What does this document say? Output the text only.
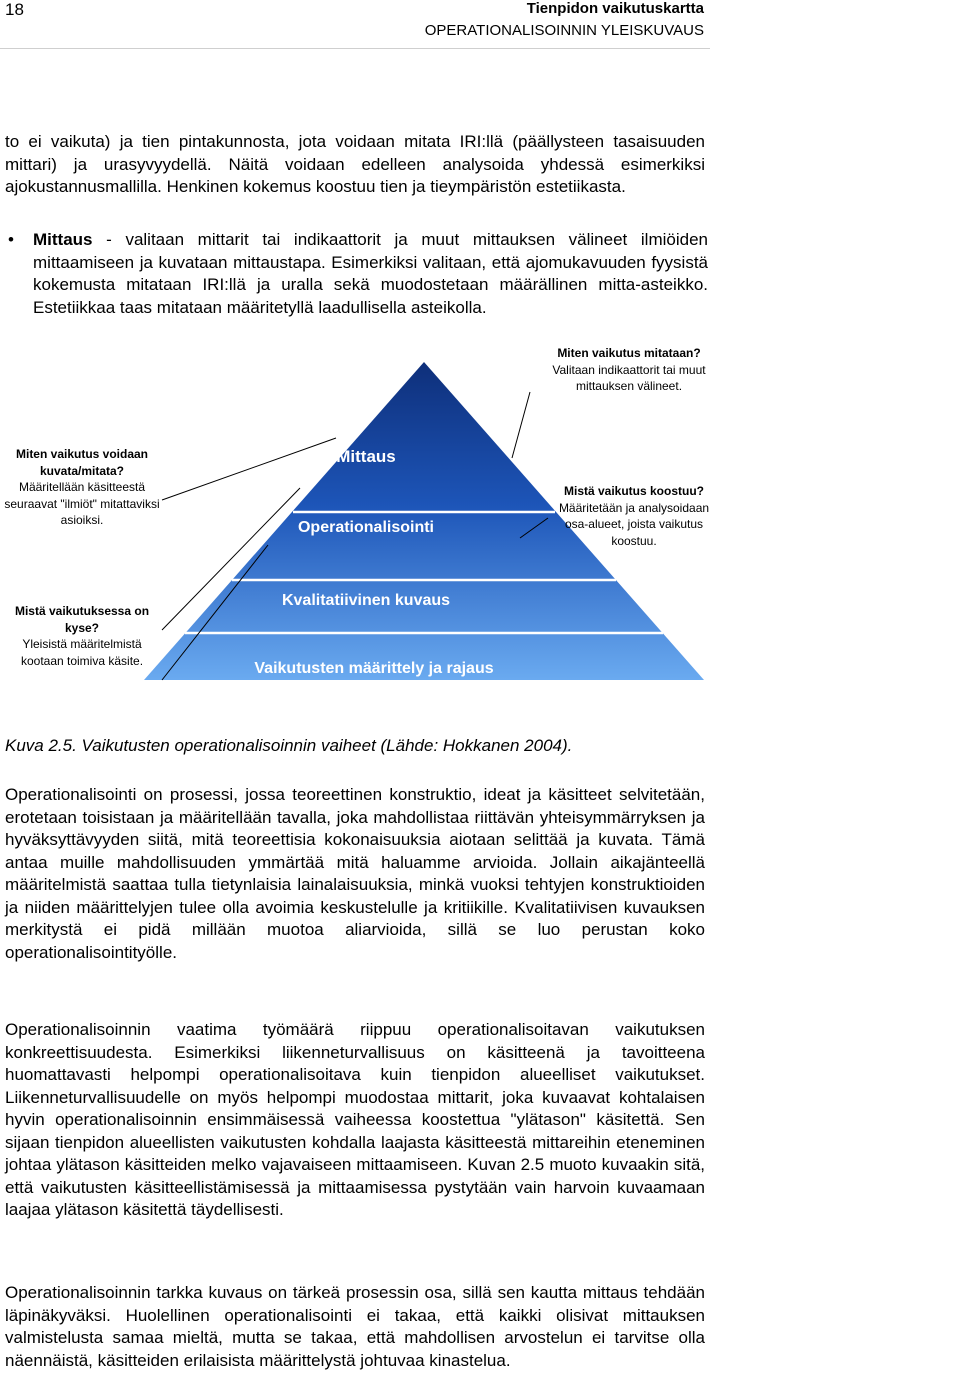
18	Tienpidon vaikutuskartta
OPERATIONALISOINNIN YLEISKUVAUS
to ei vaikuta) ja tien pintakunnosta, jota voidaan mitata IRI:llä (päällysteen tasaisuuden mittari) ja urasyvyydellä. Näitä voidaan edelleen analysoida yhdessä esimerkiksi ajokustannusmallilla. Henkinen kokemus koostuu tien ja tieympäristön estetiikasta.
• Mittaus - valitaan mittarit tai indikaattorit ja muut mittauksen välineet ilmiöiden mittaamiseen ja kuvataan mittaustapa. Esimerkiksi valitaan, että ajomukavuuden fyysistä kokemusta mitataan IRI:llä ja uralla sekä muodostetaan määrällinen mitta-asteikko. Estetiikkaa taas mitataan määritetyllä laadullisella asteikolla.
Mittaus
Operationalisointi
Kvalitatiivinen kuvaus
Vaikutusten määrittely ja rajaus
Miten vaikutus voidaan kuvata/mitata?
Määritellään käsitteestä seuraavat "ilmiöt" mitattaviksi asioiksi.
Mistä vaikutuksessa on kyse?
Yleisistä määritelmistä kootaan toimiva käsite.
Miten vaikutus mitataan?
Valitaan indikaattorit tai muut mittauksen välineet.
Mistä vaikutus koostuu?
Määritetään ja analysoidaan osa-alueet, joista vaikutus koostuu.
Kuva 2.5. Vaikutusten operationalisoinnin vaiheet (Lähde: Hokkanen 2004).
Operationalisointi on prosessi, jossa teoreettinen konstruktio, ideat ja käsitteet selvitetään, erotetaan toisistaan ja määritellään tavalla, joka mahdollistaa riittävän yhteisymmärryksen ja hyväksyttävyyden siitä, mitä teoreettisia kokonaisuuksia aiotaan selittää ja kuvata. Tämä antaa muille mahdollisuuden ymmärtää mitä haluamme arvioida. Jollain aikajänteellä määritelmistä saattaa tulla tietynlaisia lainalaisuuksia, minkä vuoksi tehtyjen konstruktioiden ja niiden määrittelyjen tulee olla avoimia keskustelulle ja kritiikille. Kvalitatiivisen kuvauksen merkitystä ei pidä millään muotoa aliarvioida, sillä se luo perustan koko operationalisointityölle.
Operationalisoinnin vaatima työmäärä riippuu operationalisoitavan vaikutuksen konkreettisuudesta. Esimerkiksi liikenneturvallisuus on käsitteenä ja tavoitteena huomattavasti helpompi operationalisoitava kuin tienpidon alueelliset vaikutukset. Liikenneturvallisuudelle on myös helpompi muodostaa mittarit, joka kuvaavat kohtalaisen hyvin operationalisoinnin ensimmäisessä vaiheessa koostettua "ylätason" käsitettä. Sen sijaan tienpidon alueellisten vaikutusten kohdalla laajasta käsitteestä mittareihin eteneminen johtaa ylätason käsitteiden melko vajavaiseen mittaamiseen. Kuvan 2.5 muoto kuvaakin sitä, että vaikutusten käsitteellistämisessä ja mittaamisessa pystytään vain harvoin kuvaamaan laajaa ylätason käsitettä täydellisesti.
Operationalisoinnin tarkka kuvaus on tärkeä prosessin osa, sillä sen kautta mittaus tehdään läpinäkyväksi. Huolellinen operationalisointi ei takaa, että kaikki olisivat mittauksen valmistelusta samaa mieltä, mutta se takaa, että mahdollisen arvostelun ei tarvitse olla näennäistä, käsitteiden erilaisista määrittelystä johtuvaa kinastelua.
